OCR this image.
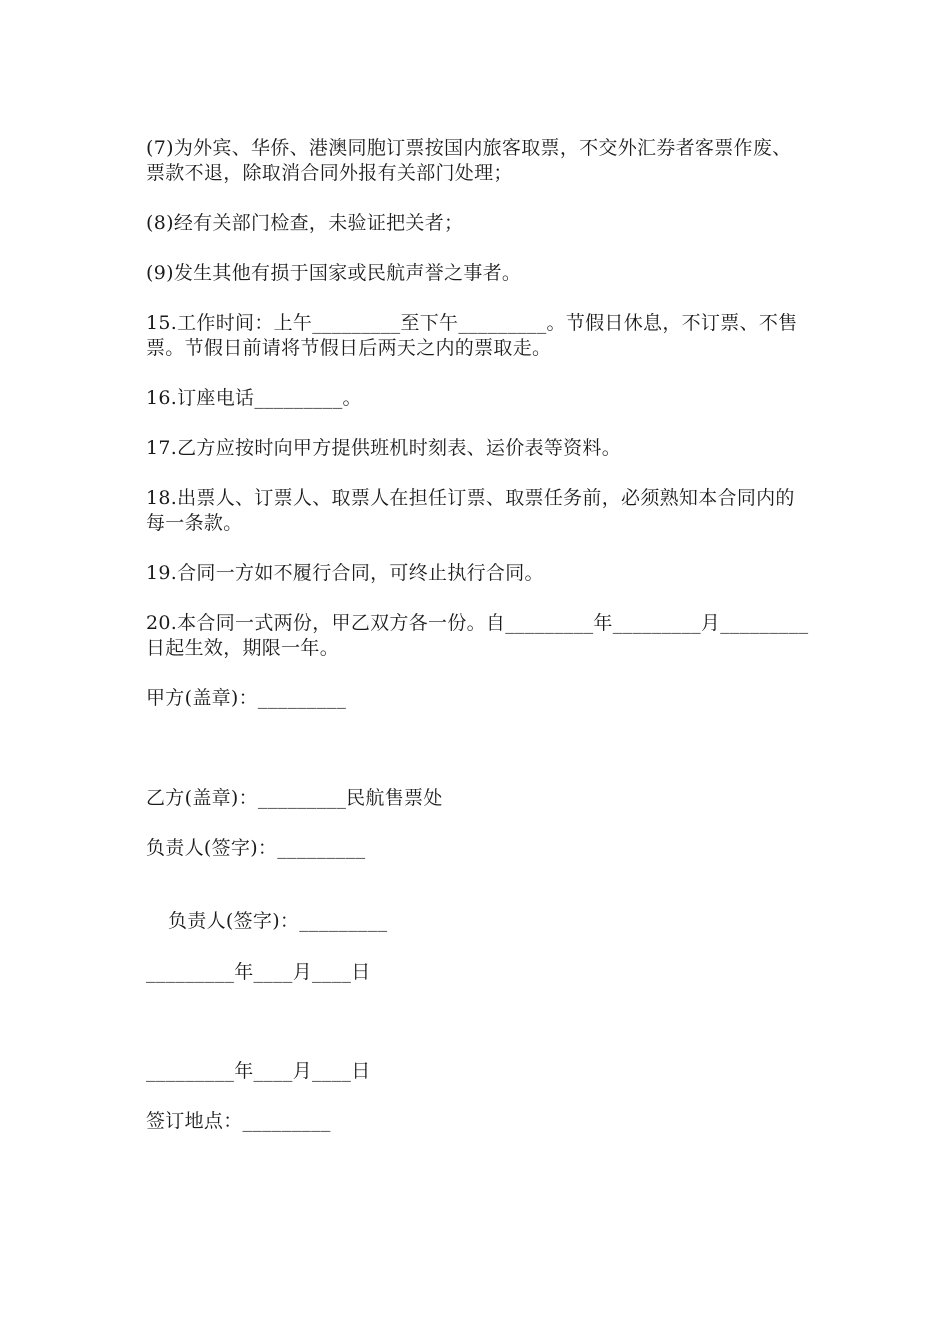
(7)为外宾、华侨、港澳同胞订票按国内旅客取票，不交外汇券者客票作废、票款不退，除取消合同外报有关部门处理；

(8)经有关部门检查，未验证把关者；

(9)发生其他有损于国家或民航声誉之事者。

15.工作时间：上午_________至下午_________。节假日休息，不订票、不售票。节假日前请将节假日后两天之内的票取走。

16.订座电话_________。

17.乙方应按时向甲方提供班机时刻表、运价表等资料。

18.出票人、订票人、取票人在担任订票、取票任务前，必须熟知本合同内的每一条款。

19.合同一方如不履行合同，可终止执行合同。

20.本合同一式两份，甲乙双方各一份。自_________年_________月_________日起生效，期限一年。

甲方(盖章)：_________

乙方(盖章)：_________民航售票处

负责人(签字)：_________

负责人(签字)：_________

_________年____月____日

_________年____月____日

签订地点：_________
